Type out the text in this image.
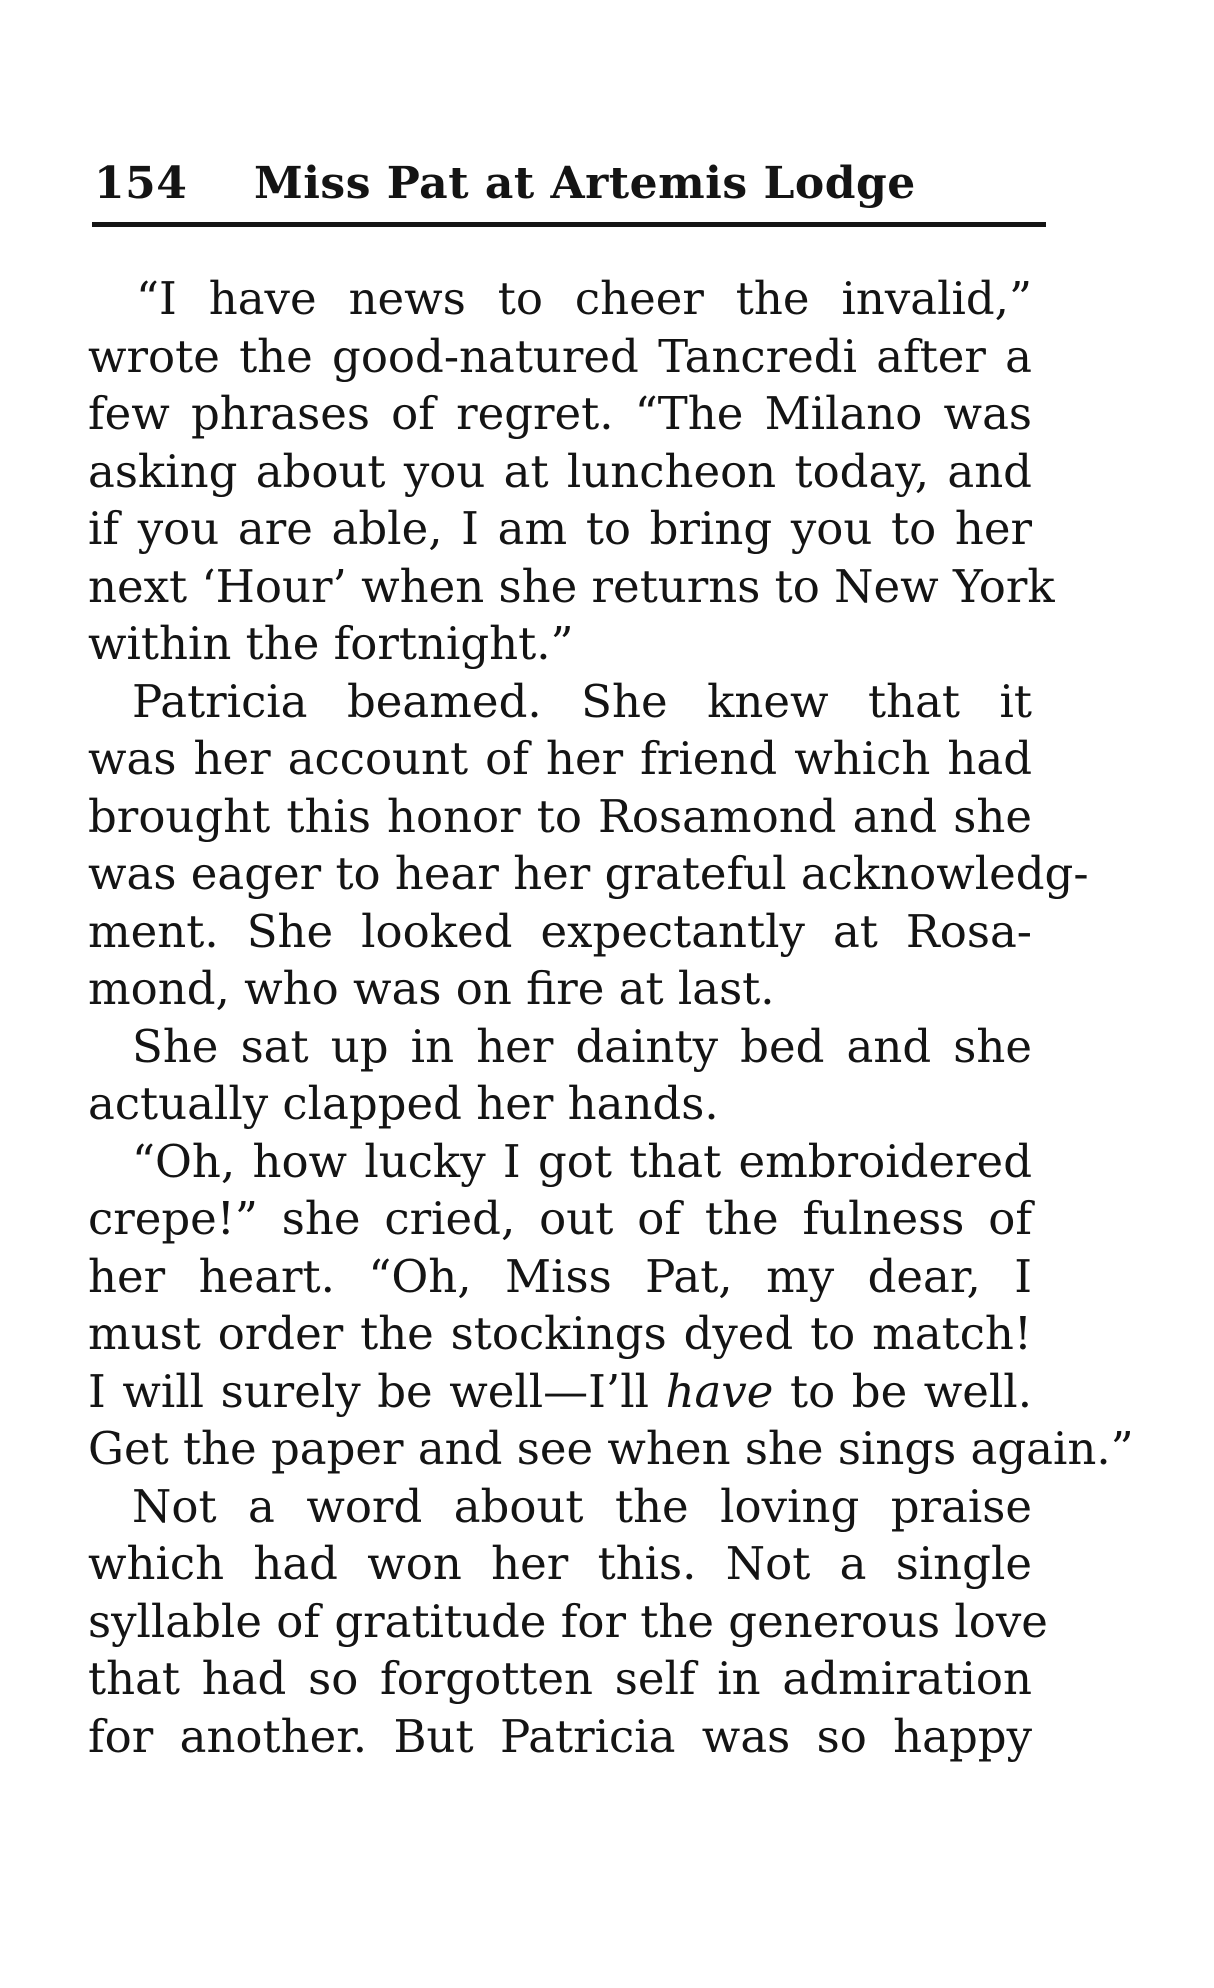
154	Miss Pat at Artemis Lodge
“I have news to cheer the invalid,”
wrote the good-natured Tancredi after a
few phrases of regret. “The Milano was
asking about you at luncheon today, and
if you are able, I am to bring you to her
next ‘Hour’ when she returns to New York
within the fortnight.”
Patricia beamed. She knew that it
was her account of her friend which had
brought this honor to Rosamond and she
was eager to hear her grateful acknowledg-
ment. She looked expectantly at Rosa-
mond, who was on fire at last.
She sat up in her dainty bed and she
actually clapped her hands.
“Oh, how lucky I got that embroidered
crepe!” she cried, out of the fulness of
her heart. “Oh, Miss Pat, my dear, I
must order the stockings dyed to match!
I will surely be well—I’ll have to be well.
Get the paper and see when she sings again.”
Not a word about the loving praise
which had won her this. Not a single
syllable of gratitude for the generous love
that had so forgotten self in admiration
for another. But Patricia was so happy
